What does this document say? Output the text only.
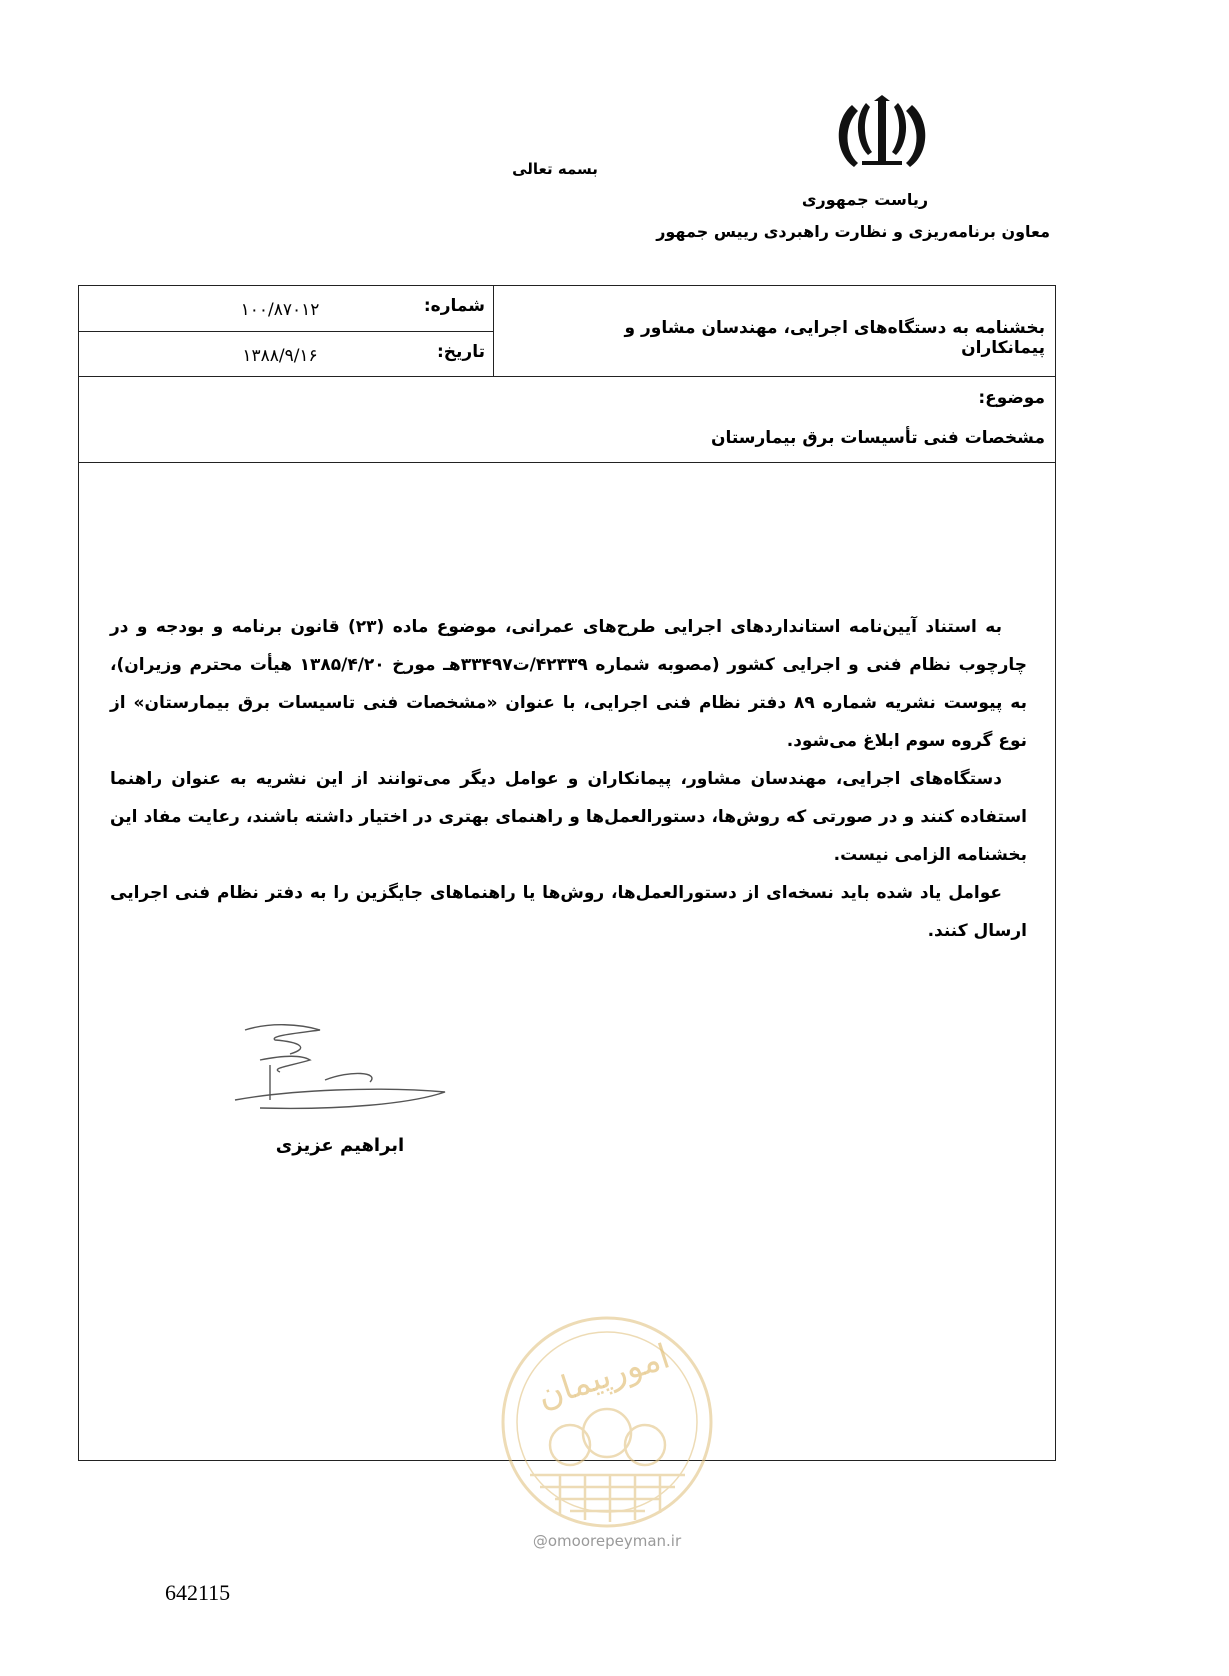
بسمه تعالی
ریاست جمهوری
معاون برنامه‌ریزی و نظارت راهبردی رییس جمهور
بخشنامه به دستگاه‌های اجرایی، مهندسان مشاور و پیمانکاران
شماره:
۱۰۰/۸۷۰۱۲
تاریخ:
۱۳۸۸/۹/۱۶
موضوع:
مشخصات فنی تأسیسات برق بیمارستان

به استناد آیین‌نامه استانداردهای اجرایی طرح‌های عمرانی، موضوع ماده (۲۳) قانون برنامه و بودجه و در چارچوب نظام فنی و اجرایی کشور (مصوبه شماره ۴۲۳۳۹/ت۳۳۴۹۷هـ مورخ ۱۳۸۵/۴/۲۰ هیأت محترم وزیران)، به پیوست نشریه شماره ۸۹ دفتر نظام فنی اجرایی، با عنوان «مشخصات فنی تاسیسات برق بیمارستان» از نوع گروه سوم ابلاغ می‌شود.

دستگاه‌های اجرایی، مهندسان مشاور، پیمانکاران و عوامل دیگر می‌توانند از این نشریه به عنوان راهنما استفاده کنند و در صورتی که روش‌ها، دستورالعمل‌ها و راهنمای بهتری در اختیار داشته باشند، رعایت مفاد این بخشنامه الزامی نیست.

عوامل یاد شده باید نسخه‌ای از دستورالعمل‌ها، روش‌ها یا راهنماهای جایگزین را به دفتر نظام فنی اجرایی ارسال کنند.

ابراهیم عزیزی
امورپیمان
@omoorepeyman.ir
642115
